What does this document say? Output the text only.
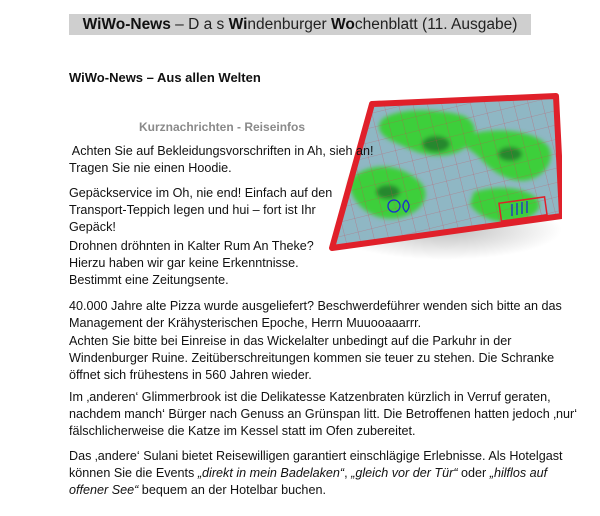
WiWo-News – D a s Windenburger Wochenblatt (11. Ausgabe)
WiWo-News – Aus allen Welten
Kurznachrichten - Reiseinfos

Achten Sie auf Bekleidungsvorschriften in Ah, sieh an!
Tragen Sie nie einen Hoodie.

Gepäckservice im Oh, nie end! Einfach auf den
Transport-Teppich legen und hui – fort ist Ihr
Gepäck!

Drohnen dröhnten in Kalter Rum An Theke?
Hierzu haben wir gar keine Erkenntnisse.
Bestimmt eine Zeitungsente.

40.000 Jahre alte Pizza wurde ausgeliefert? Beschwerdeführer wenden sich bitte an das
Management der Krähysterischen Epoche, Herrn Muuooaaarrr.

Achten Sie bitte bei Einreise in das Wickelalter unbedingt auf die Parkuhr in der
Windenburger Ruine. Zeitüberschreitungen kommen sie teuer zu stehen. Die Schranke
öffnet sich frühestens in 560 Jahren wieder.

Im ‚anderen‘ Glimmerbrook ist die Delikatesse Katzenbraten kürzlich in Verruf geraten,
nachdem manch‘ Bürger nach Genuss an Grünspan litt. Die Betroffenen hatten jedoch ‚nur‘
fälschlicherweise die Katze im Kessel statt im Ofen zubereitet.

Das ‚andere‘ Sulani bietet Reisewilligen garantiert einschlägige Erlebnisse. Als Hotelgast
können Sie die Events „direkt in mein Badelaken“, „gleich vor der Tür“ oder „hilflos auf
offener See“ bequem an der Hotelbar buchen.
